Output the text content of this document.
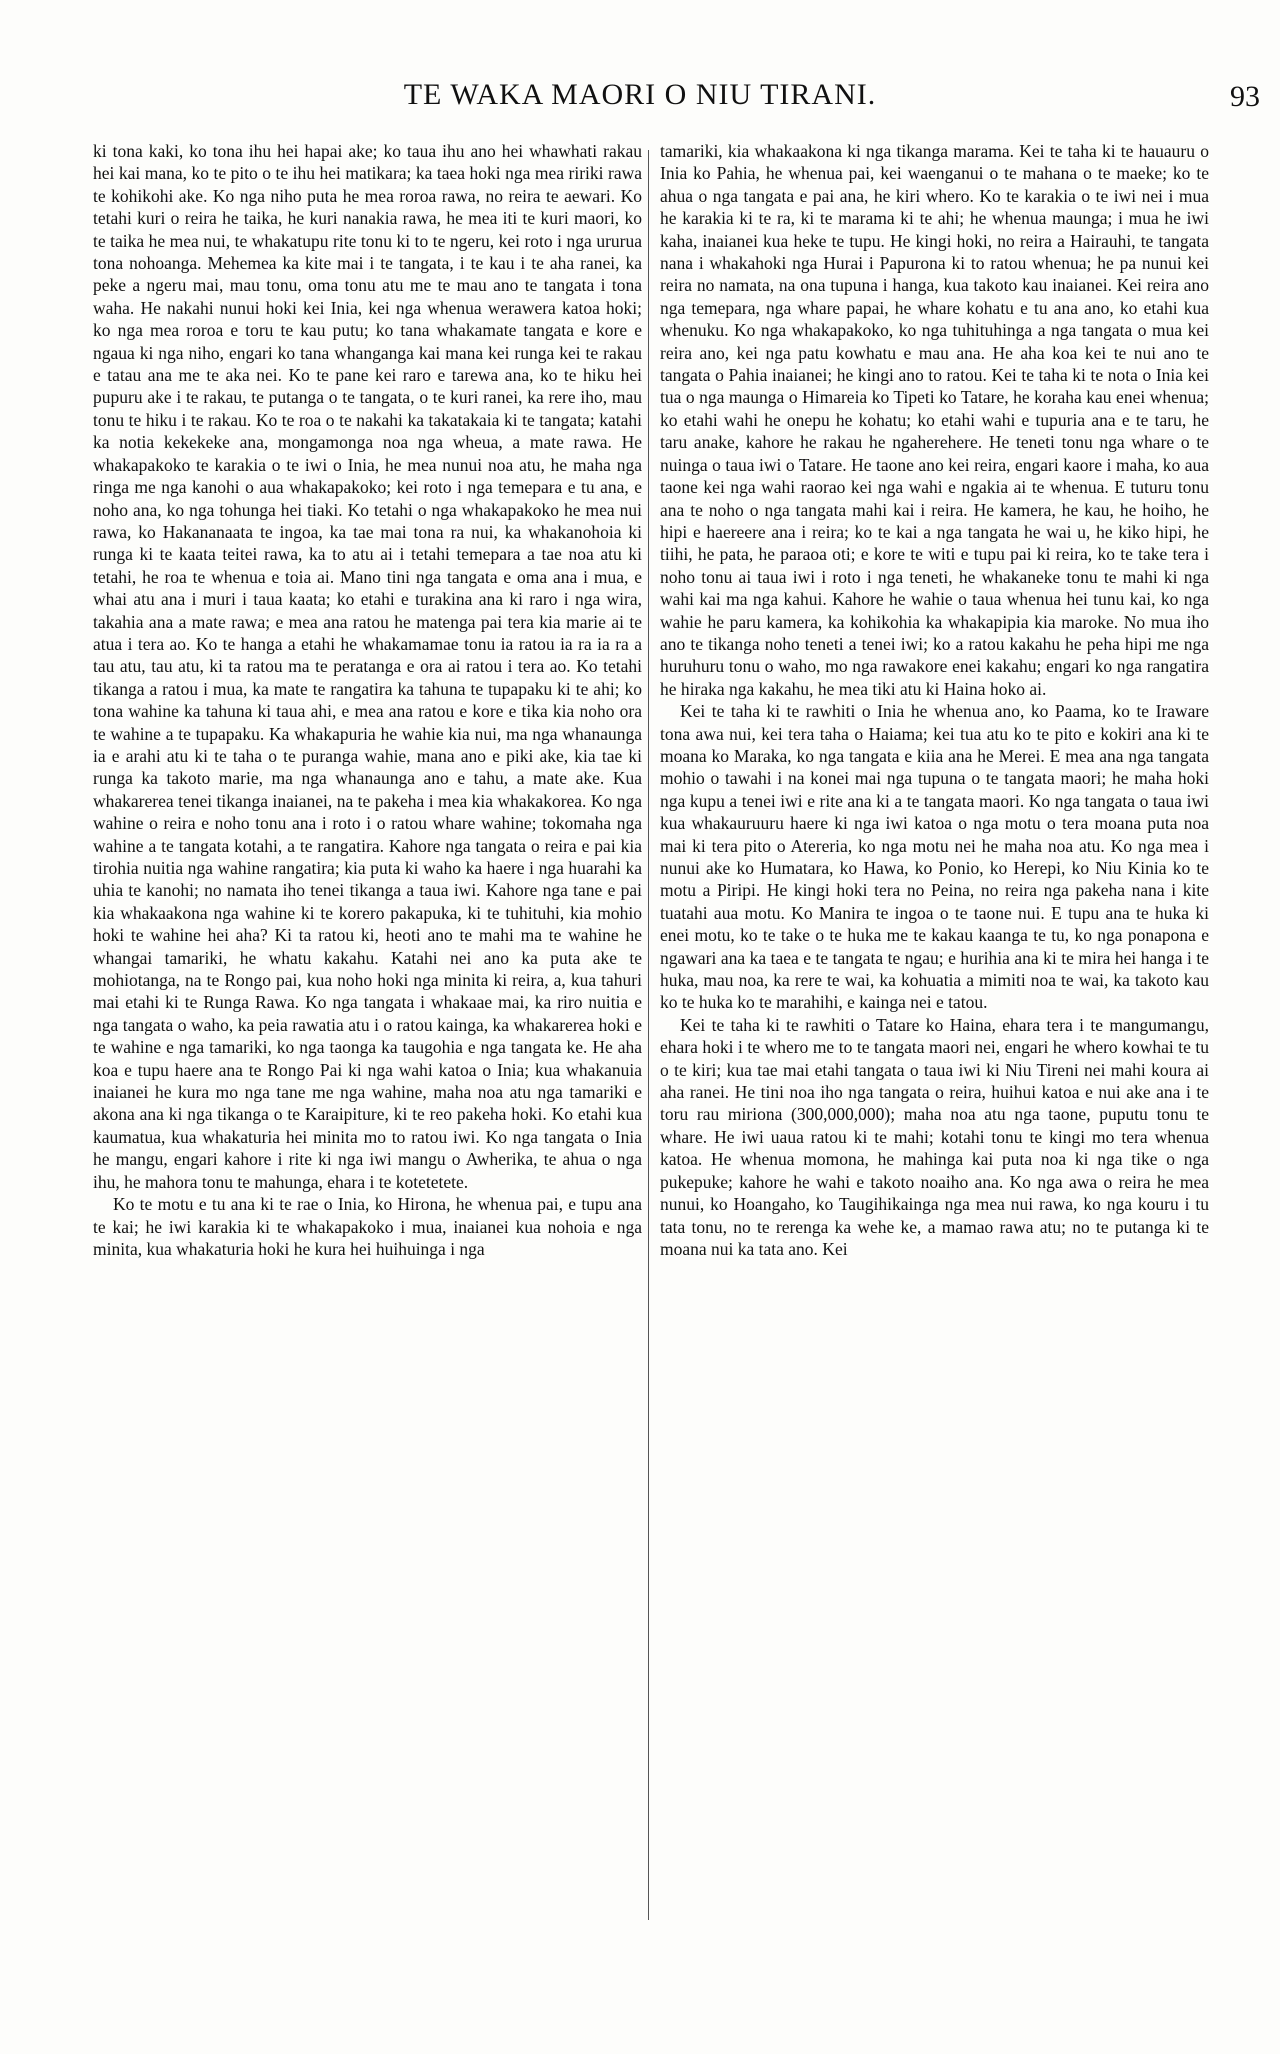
TE WAKA MAORI O NIU TIRANI.	93

ki tona kaki, ko tona ihu hei hapai ake; ko taua ihu ano hei whawhati rakau hei kai mana, ko te pito o te ihu hei matikara; ka taea hoki nga mea ririki rawa te kohikohi ake. Ko nga niho puta he mea roroa rawa, no reira te aewari. Ko tetahi kuri o reira he taika, he kuri nanakia rawa, he mea iti te kuri maori, ko te taika he mea nui, te whakatupu rite tonu ki to te ngeru, kei roto i nga ururua tona nohoanga. Mehemea ka kite mai i te tangata, i te kau i te aha ranei, ka peke a ngeru mai, mau tonu, oma tonu atu me te mau ano te tangata i tona waha. He nakahi nunui hoki kei Inia, kei nga whenua werawera katoa hoki; ko nga mea roroa e toru te kau putu; ko tana whakamate tangata e kore e ngaua ki nga niho, engari ko tana whanganga kai mana kei runga kei te rakau e tatau ana me te aka nei. Ko te pane kei raro e tarewa ana, ko te hiku hei pupuru ake i te rakau, te putanga o te tangata, o te kuri ranei, ka rere iho, mau tonu te hiku i te rakau. Ko te roa o te nakahi ka takatakaia ki te tangata; katahi ka notia kekekeke ana, mongamonga noa nga wheua, a mate rawa. He whakapakoko te karakia o te iwi o Inia, he mea nunui noa atu, he maha nga ringa me nga kanohi o aua whakapakoko; kei roto i nga temepara e tu ana, e noho ana, ko nga tohunga hei tiaki. Ko tetahi o nga whakapakoko he mea nui rawa, ko Hakananaata te ingoa, ka tae mai tona ra nui, ka whakanohoia ki runga ki te kaata teitei rawa, ka to atu ai i tetahi temepara a tae noa atu ki tetahi, he roa te whenua e toia ai. Mano tini nga tangata e oma ana i mua, e whai atu ana i muri i taua kaata; ko etahi e turakina ana ki raro i nga wira, takahia ana a mate rawa; e mea ana ratou he matenga pai tera kia marie ai te atua i tera ao. Ko te hanga a etahi he whakamamae tonu ia ratou ia ra ia ra a tau atu, tau atu, ki ta ratou ma te peratanga e ora ai ratou i tera ao. Ko tetahi tikanga a ratou i mua, ka mate te rangatira ka tahuna te tupapaku ki te ahi; ko tona wahine ka tahuna ki taua ahi, e mea ana ratou e kore e tika kia noho ora te wahine a te tupapaku. Ka whakapuria he wahie kia nui, ma nga whanaunga ia e arahi atu ki te taha o te puranga wahie, mana ano e piki ake, kia tae ki runga ka takoto marie, ma nga whanaunga ano e tahu, a mate ake. Kua whakarerea tenei tikanga inaianei, na te pakeha i mea kia whakakorea. Ko nga wahine o reira e noho tonu ana i roto i o ratou whare wahine; tokomaha nga wahine a te tangata kotahi, a te rangatira. Kahore nga tangata o reira e pai kia tirohia nuitia nga wahine rangatira; kia puta ki waho ka haere i nga huarahi ka uhia te kanohi; no namata iho tenei tikanga a taua iwi. Kahore nga tane e pai kia whakaakona nga wahine ki te korero pakapuka, ki te tuhituhi, kia mohio hoki te wahine hei aha? Ki ta ratou ki, heoti ano te mahi ma te wahine he whangai tamariki, he whatu kakahu. Katahi nei ano ka puta ake te mohiotanga, na te Rongo pai, kua noho hoki nga minita ki reira, a, kua tahuri mai etahi ki te Runga Rawa. Ko nga tangata i whakaae mai, ka riro nuitia e nga tangata o waho, ka peia rawatia atu i o ratou kainga, ka whakarerea hoki e te wahine e nga tamariki, ko nga taonga ka taugohia e nga tangata ke. He aha koa e tupu haere ana te Rongo Pai ki nga wahi katoa o Inia; kua whakanuia inaianei he kura mo nga tane me nga wahine, maha noa atu nga tamariki e akona ana ki nga tikanga o te Karaipiture, ki te reo pakeha hoki. Ko etahi kua kaumatua, kua whakaturia hei minita mo to ratou iwi. Ko nga tangata o Inia he mangu, engari kahore i rite ki nga iwi mangu o Awherika, te ahua o nga ihu, he mahora tonu te mahunga, ehara i te kotetetete.

Ko te motu e tu ana ki te rae o Inia, ko Hirona, he whenua pai, e tupu ana te kai; he iwi karakia ki te whakapakoko i mua, inaianei kua nohoia e nga minita, kua whakaturia hoki he kura hei huihuinga i nga

tamariki, kia whakaakona ki nga tikanga marama. Kei te taha ki te hauauru o Inia ko Pahia, he whenua pai, kei waenganui o te mahana o te maeke; ko te ahua o nga tangata e pai ana, he kiri whero. Ko te karakia o te iwi nei i mua he karakia ki te ra, ki te marama ki te ahi; he whenua maunga; i mua he iwi kaha, inaianei kua heke te tupu. He kingi hoki, no reira a Hairauhi, te tangata nana i whakahoki nga Hurai i Papurona ki to ratou whenua; he pa nunui kei reira no namata, na ona tupuna i hanga, kua takoto kau inaianei. Kei reira ano nga temepara, nga whare papai, he whare kohatu e tu ana ano, ko etahi kua whenuku. Ko nga whakapakoko, ko nga tuhituhinga a nga tangata o mua kei reira ano, kei nga patu kowhatu e mau ana. He aha koa kei te nui ano te tangata o Pahia inaianei; he kingi ano to ratou. Kei te taha ki te nota o Inia kei tua o nga maunga o Himareia ko Tipeti ko Tatare, he koraha kau enei whenua; ko etahi wahi he onepu he kohatu; ko etahi wahi e tupuria ana e te taru, he taru anake, kahore he rakau he ngaherehere. He teneti tonu nga whare o te nuinga o taua iwi o Tatare. He taone ano kei reira, engari kaore i maha, ko aua taone kei nga wahi raorao kei nga wahi e ngakia ai te whenua. E tuturu tonu ana te noho o nga tangata mahi kai i reira. He kamera, he kau, he hoiho, he hipi e haereere ana i reira; ko te kai a nga tangata he wai u, he kiko hipi, he tiihi, he pata, he paraoa oti; e kore te witi e tupu pai ki reira, ko te take tera i noho tonu ai taua iwi i roto i nga teneti, he whakaneke tonu te mahi ki nga wahi kai ma nga kahui. Kahore he wahie o taua whenua hei tunu kai, ko nga wahie he paru kamera, ka kohikohia ka whakapipia kia maroke. No mua iho ano te tikanga noho teneti a tenei iwi; ko a ratou kakahu he peha hipi me nga huruhuru tonu o waho, mo nga rawakore enei kakahu; engari ko nga rangatira he hiraka nga kakahu, he mea tiki atu ki Haina hoko ai.

Kei te taha ki te rawhiti o Inia he whenua ano, ko Paama, ko te Iraware tona awa nui, kei tera taha o Haiama; kei tua atu ko te pito e kokiri ana ki te moana ko Maraka, ko nga tangata e kiia ana he Merei. E mea ana nga tangata mohio o tawahi i na konei mai nga tupuna o te tangata maori; he maha hoki nga kupu a tenei iwi e rite ana ki a te tangata maori. Ko nga tangata o taua iwi kua whakauruuru haere ki nga iwi katoa o nga motu o tera moana puta noa mai ki tera pito o Atereria, ko nga motu nei he maha noa atu. Ko nga mea i nunui ake ko Humatara, ko Hawa, ko Ponio, ko Herepi, ko Niu Kinia ko te motu a Piripi. He kingi hoki tera no Peina, no reira nga pakeha nana i kite tuatahi aua motu. Ko Manira te ingoa o te taone nui. E tupu ana te huka ki enei motu, ko te take o te huka me te kakau kaanga te tu, ko nga ponapona e ngawari ana ka taea e te tangata te ngau; e hurihia ana ki te mira hei hanga i te huka, mau noa, ka rere te wai, ka kohuatia a mimiti noa te wai, ka takoto kau ko te huka ko te marahihi, e kainga nei e tatou.

Kei te taha ki te rawhiti o Tatare ko Haina, ehara tera i te mangumangu, ehara hoki i te whero me to te tangata maori nei, engari he whero kowhai te tu o te kiri; kua tae mai etahi tangata o taua iwi ki Niu Tireni nei mahi koura ai aha ranei. He tini noa iho nga tangata o reira, huihui katoa e nui ake ana i te toru rau miriona (300,000,000); maha noa atu nga taone, puputu tonu te whare. He iwi uaua ratou ki te mahi; kotahi tonu te kingi mo tera whenua katoa. He whenua momona, he mahinga kai puta noa ki nga tike o nga pukepuke; kahore he wahi e takoto noaiho ana. Ko nga awa o reira he mea nunui, ko Hoangaho, ko Taugihikainga nga mea nui rawa, ko nga kouru i tu tata tonu, no te rerenga ka wehe ke, a mamao rawa atu; no te putanga ki te moana nui ka tata ano. Kei
